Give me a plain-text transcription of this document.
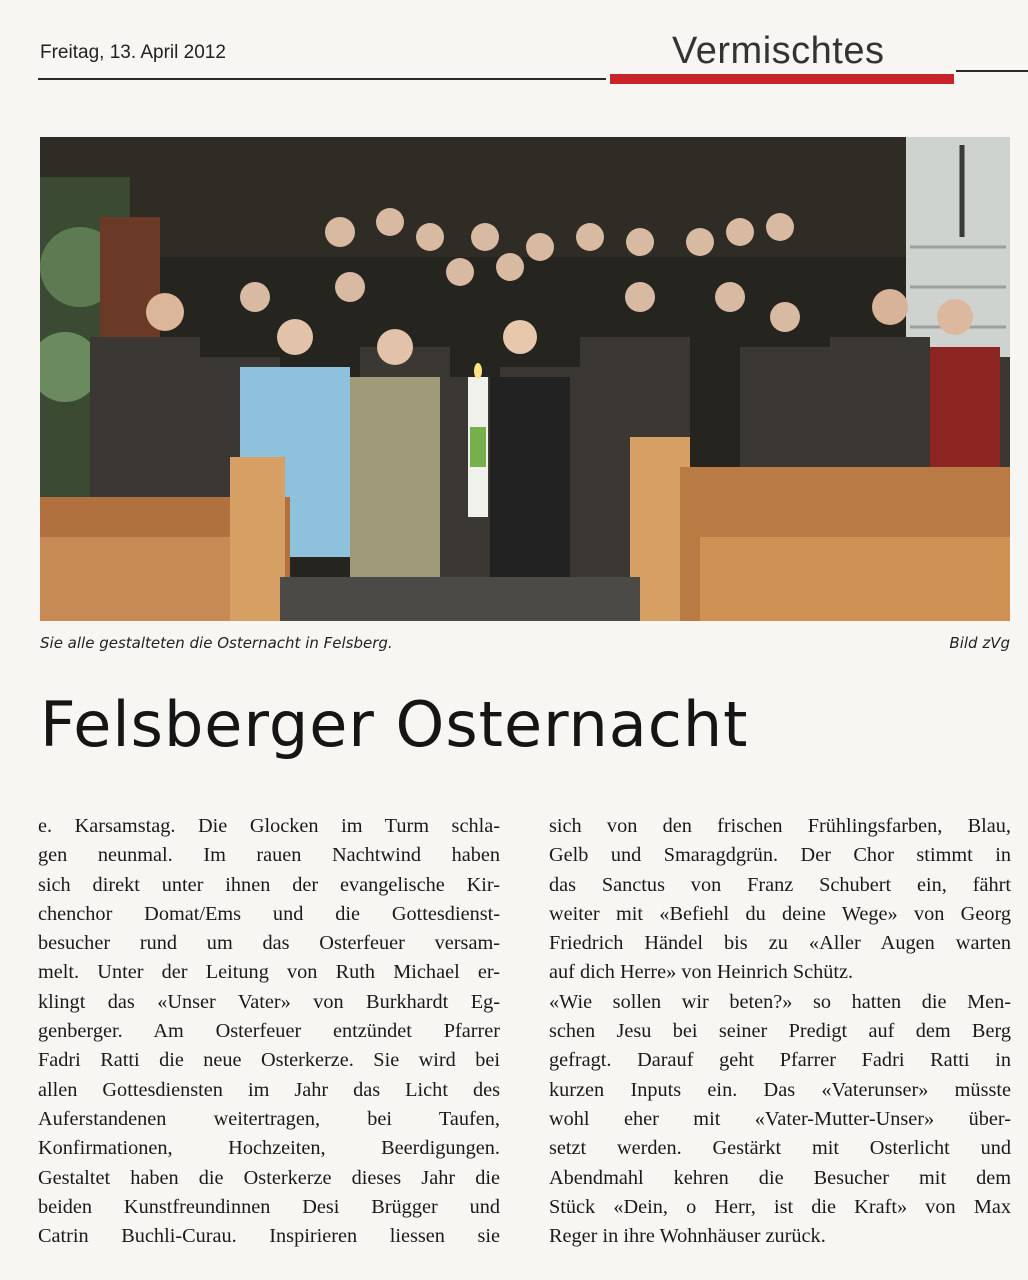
Freitag, 13. April 2012	Vermischtes
Sie alle gestalteten die Osternacht in Felsberg.	Bild zVg
Felsberger Osternacht
e. Karsamstag. Die Glocken im Turm schla-
gen neunmal. Im rauen Nachtwind haben
sich direkt unter ihnen der evangelische Kir-
chenchor Domat/Ems und die Gottesdienst-
besucher rund um das Osterfeuer versam-
melt. Unter der Leitung von Ruth Michael er-
klingt das «Unser Vater» von Burkhardt Eg-
genberger. Am Osterfeuer entzündet Pfarrer
Fadri Ratti die neue Osterkerze. Sie wird bei
allen Gottesdiensten im Jahr das Licht des
Auferstandenen weitertragen, bei Taufen,
Konfirmationen, Hochzeiten, Beerdigungen.
Gestaltet haben die Osterkerze dieses Jahr die
beiden Kunstfreundinnen Desi Brügger und
Catrin Buchli-Curau. Inspirieren liessen sie
sich von den frischen Frühlingsfarben, Blau,
Gelb und Smaragdgrün. Der Chor stimmt in
das Sanctus von Franz Schubert ein, fährt
weiter mit «Befiehl du deine Wege» von Georg
Friedrich Händel bis zu «Aller Augen warten
auf dich Herre» von Heinrich Schütz.
«Wie sollen wir beten?» so hatten die Men-
schen Jesu bei seiner Predigt auf dem Berg
gefragt. Darauf geht Pfarrer Fadri Ratti in
kurzen Inputs ein. Das «Vaterunser» müsste
wohl eher mit «Vater-Mutter-Unser» über-
setzt werden. Gestärkt mit Osterlicht und
Abendmahl kehren die Besucher mit dem
Stück «Dein, o Herr, ist die Kraft» von Max
Reger in ihre Wohnhäuser zurück.
